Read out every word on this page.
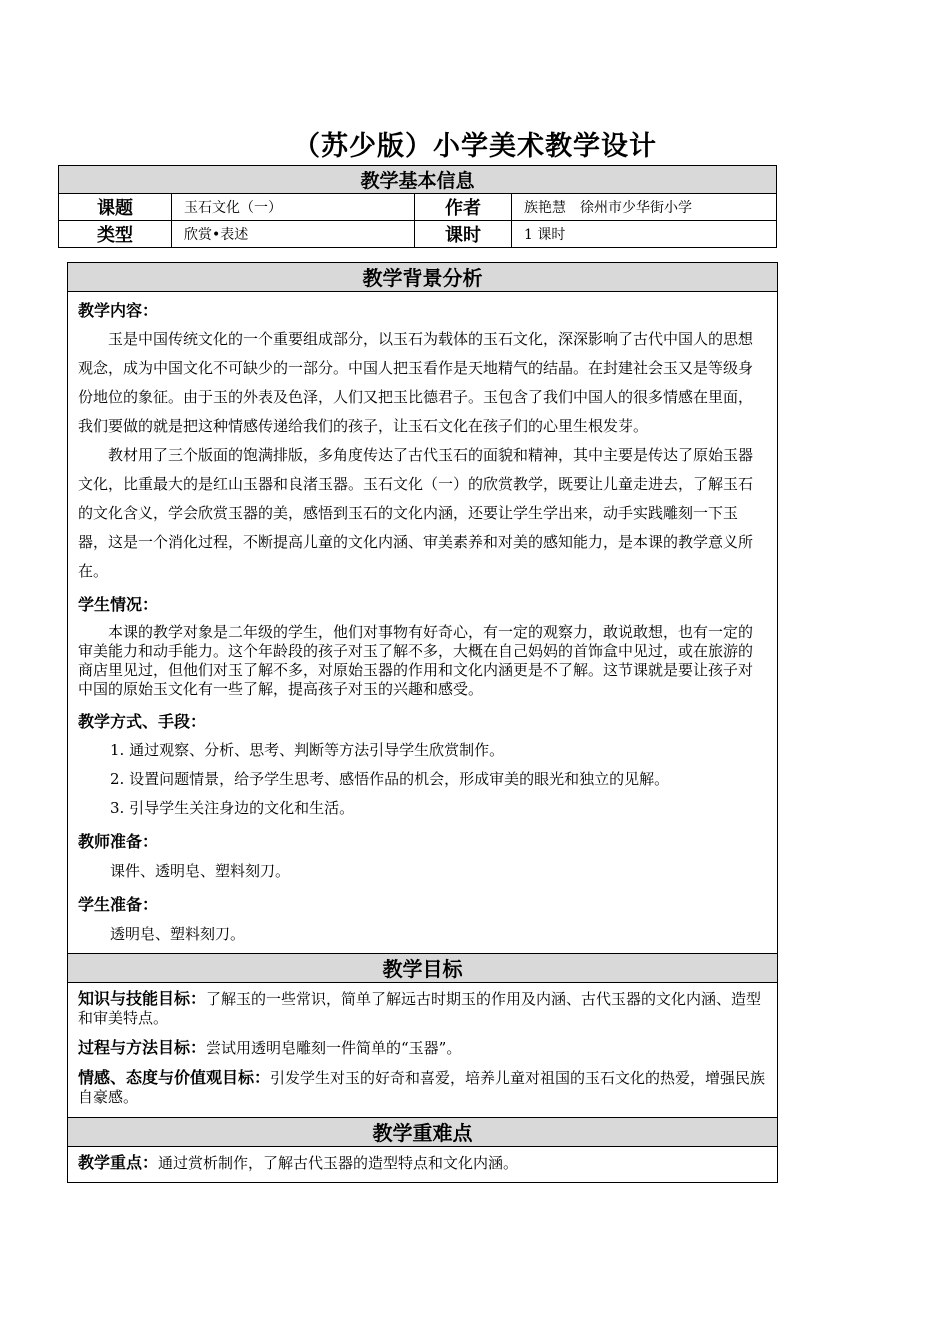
（苏少版）小学美术教学设计
教学基本信息			
课题	玉石文化（一）	作者	族艳慧　徐州市少华街小学
类型	欣赏•表述	课时	1 课时
教学背景分析

教学内容：

玉是中国传统文化的一个重要组成部分，以玉石为载体的玉石文化，深深影响了古代中国人的思想观念，成为中国文化不可缺少的一部分。中国人把玉看作是天地精气的结晶。在封建社会玉又是等级身份地位的象征。由于玉的外表及色泽，人们又把玉比德君子。玉包含了我们中国人的很多情感在里面，我们要做的就是把这种情感传递给我们的孩子，让玉石文化在孩子们的心里生根发芽。

教材用了三个版面的饱满排版，多角度传达了古代玉石的面貌和精神，其中主要是传达了原始玉器文化，比重最大的是红山玉器和良渚玉器。玉石文化（一）的欣赏教学，既要让儿童走进去，了解玉石的文化含义，学会欣赏玉器的美，感悟到玉石的文化内涵，还要让学生学出来，动手实践雕刻一下玉器，这是一个消化过程，不断提高儿童的文化内涵、审美素养和对美的感知能力，是本课的教学意义所在。

学生情况：

本课的教学对象是二年级的学生，他们对事物有好奇心，有一定的观察力，敢说敢想，也有一定的审美能力和动手能力。这个年龄段的孩子对玉了解不多，大概在自己妈妈的首饰盒中见过，或在旅游的商店里见过，但他们对玉了解不多，对原始玉器的作用和文化内涵更是不了解。这节课就是要让孩子对中国的原始玉文化有一些了解，提高孩子对玉的兴趣和感受。

教学方式、手段：

1. 通过观察、分析、思考、判断等方法引导学生欣赏制作。

2. 设置问题情景，给予学生思考、感悟作品的机会，形成审美的眼光和独立的见解。

3. 引导学生关注身边的文化和生活。

教师准备：

课件、透明皂、塑料刻刀。

学生准备：

透明皂、塑料刻刀。

教学目标

知识与技能目标：了解玉的一些常识，简单了解远古时期玉的作用及内涵、古代玉器的文化内涵、造型和审美特点。

过程与方法目标：尝试用透明皂雕刻一件简单的“玉器”。

情感、态度与价值观目标：引发学生对玉的好奇和喜爱，培养儿童对祖国的玉石文化的热爱，增强民族自豪感。

教学重难点

教学重点：通过赏析制作，了解古代玉器的造型特点和文化内涵。
